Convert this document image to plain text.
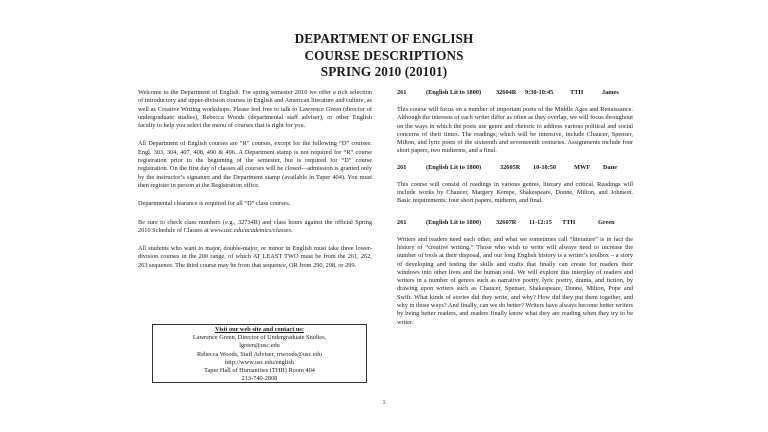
DEPARTMENT OF ENGLISH
COURSE DESCRIPTIONS
SPRING 2010 (20101)

Welcome to the Department of English. For spring semester 2010 we offer a rich selection of introductory and upper-division courses in English and American literature and culture, as well as Creative Writing workshops. Please feel free to talk to Lawrence Green (director of undergraduate studies), Rebecca Woods (departmental staff adviser), or other English faculty to help you select the menu of courses that is right for you.

All Department of English courses are “R” courses, except for the following “D” courses: Engl. 303, 304, 407, 408, 490 & 496. A Department stamp is not required for “R” course registration prior to the beginning of the semester, but is required for “D” course registration. On the first day of classes all courses will be closed—admission is granted only by the instructor’s signature and the Department stamp (available in Taper 404). You must then register in person at the Registration office.

Departmental clearance is required for all “D” class courses.

Be sure to check class numbers (e.g., 32734R) and class hours against the official Spring 2010 Schedule of Classes at www.usc.edu/academics/classes.

All students who want to major, double-major, or minor in English must take three lower-division courses in the 200 range, of which AT LEAST TWO must be from the 261, 262, 263 sequence. The third course may be from that sequence, OR from 290, 298, or 299.

Visit our web site and contact us:
Lawrence Green, Director of Undergraduate Studies,
lgreen@usc.edu
Rebecca Woods, Staff Adviser, rrwoods@usc.edu
http://www.usc.edu/english
Taper Hall of Humanities (THH) Room 404
213-740-2808
261	(English Lit to 1800) 32604R 9:30-10:45	TTH	James
This course will focus on a number of important poets of the Middle Ages and Renaissance. Although the interests of each writer differ as often as they overlap, we will focus throughout on the ways in which the poets use genre and rhetoric to address various political and social concerns of their times. The readings, which will be intensive, include Chaucer, Spenser, Milton, and lyric poets of the sixteenth and seventeenth centuries. Assignments include four short papers, two midterms, and a final.
261	(English Lit to 1800)	32605R 10-10:50	MWF Dane
This course will consist of readings in various genres, literary and critical. Readings will include works by Chaucer, Margery Kempe, Shakespeare, Donne, Milton, and Johnson. Basic requirements: four short papers, midterm, and final.
261	(English Lit to 1800) 32607R 11-12:15 TTH	Green
Writers and readers need each other, and what we sometimes call “literature” is in fact the history of “creative writing.” Those who wish to write will always need to increase the number of tools at their disposal, and our long English history is a writer’s toolbox – a story of developing and testing the skills and crafts that finally can create for readers their windows into other lives and the human soul. We will explore this interplay of readers and writers in a number of genres such as narrative poetry, lyric poetry, drama, and fiction, by drawing upon writers such as Chaucer, Spenser, Shakespeare, Donne, Milton, Pope and Swift. What kinds of stories did they write, and why? How did they put them together, and why in those ways? And finally, can we do better? Writers have always become better writers by being better readers, and readers finally know what they are reading when they try to be writer.
1
